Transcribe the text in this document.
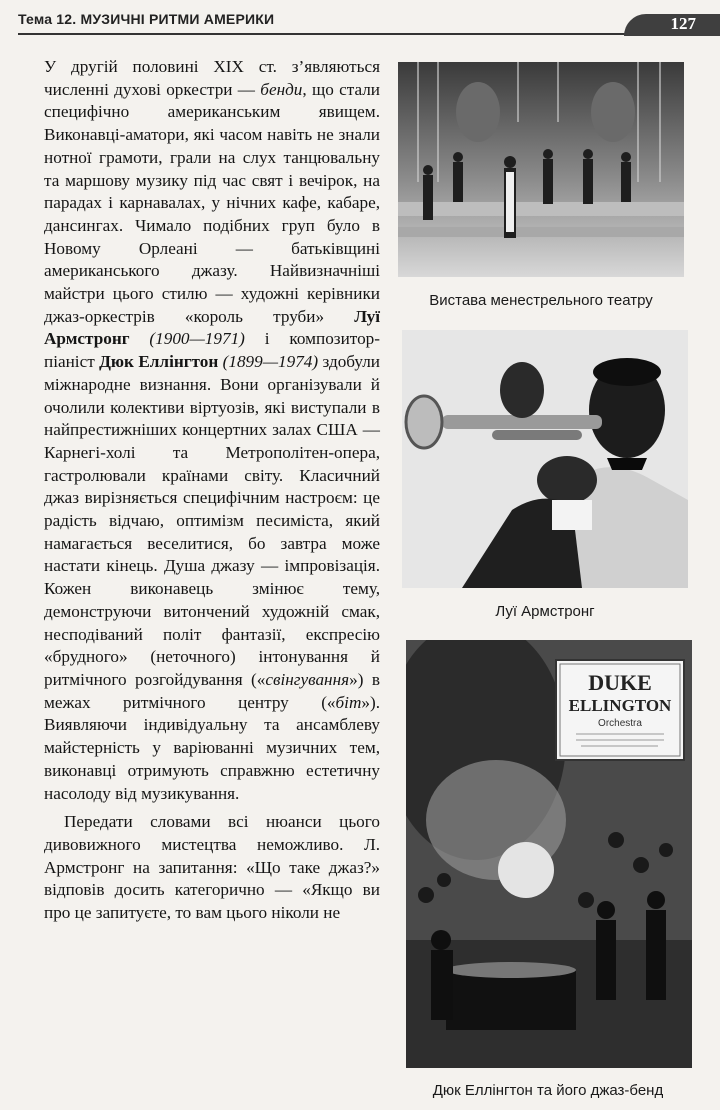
Тема 12. МУЗИЧНІ РИТМИ АМЕРИКИ	127

У другій половині XIX ст. з’являються численні духові оркестри — бенди, що стали специфічно американським явищем. Виконавці-аматори, які часом навіть не знали нотної грамоти, грали на слух танцювальну та маршову музику під час свят і вечірок, на парадах і карнавалах, у нічних кафе, кабаре, дансингах. Чимало подібних груп було в Новому Орлеані — батьківщині американського джазу. Найвизначніші майстри цього стилю — художні керівники джаз-оркестрів «король труби» Луї Армстронг (1900—1971) і композитор-піаніст Дюк Еллінгтон (1899—1974) здобули міжнародне визнання. Вони організували й очолили колективи віртуозів, які виступали в найпрестижніших концертних залах США — Карнегі-холі та Метрополітен-опера, гастролювали країнами світу. Класичний джаз вирізняється специфічним настроєм: це радість відчаю, оптимізм песиміста, який намагається веселитися, бо завтра може настати кінець. Душа джазу — імпровізація. Кожен виконавець змінює тему, демонструючи витончений художній смак, несподіваний політ фантазії, експресію «брудного» (неточного) інтонування й ритмічного розгойдування («свінгування») в межах ритмічного центру («біт»). Виявляючи індивідуальну та ансамблеву майстерність у варіюванні музичних тем, виконавці отримують справжню естетичну насолоду від музикування.

Передати словами всі нюанси цього дивовижного мистецтва неможливо. Л. Армстронг на запитання: «Що таке джаз?» відповів досить категорично — «Якщо ви про це запитуєте, то вам цього ніколи не

Вистава менестрельного театру
Луї Армстронг
DUKE
ELLINGTON
Orchestra
Дюк Еллінгтон та його джаз-бенд
